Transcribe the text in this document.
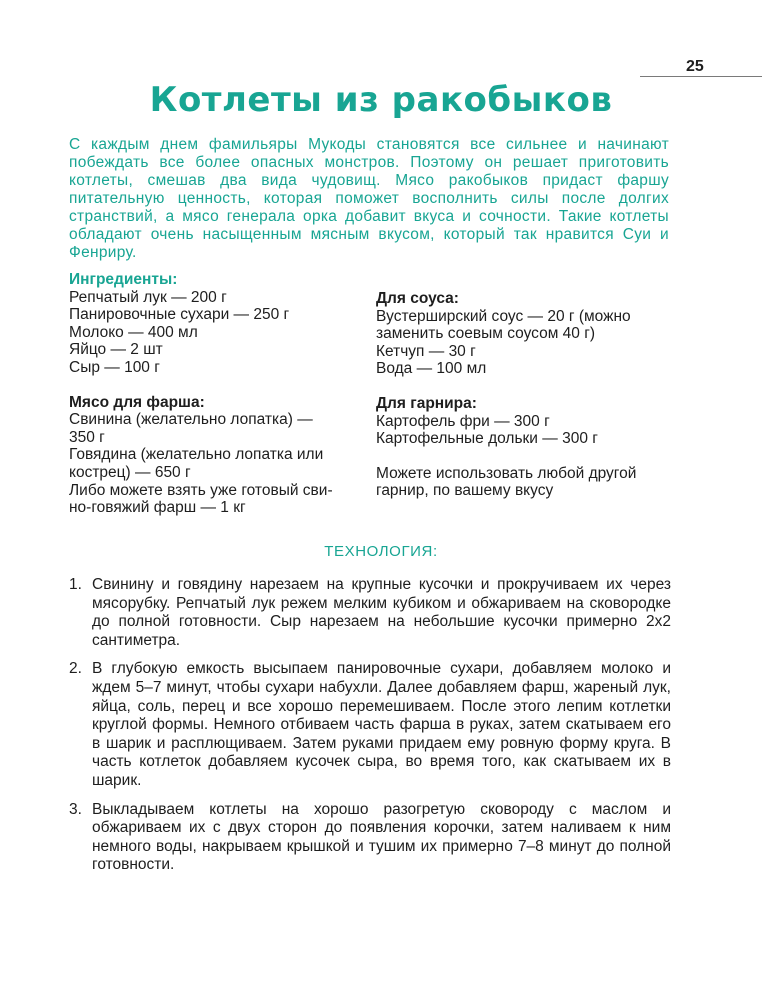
25
Котлеты из ракобыков

С каждым днем фамильяры Мукоды становятся все сильнее и начинают побеждать все более опасных монстров. Поэтому он решает приготовить котлеты, смешав два вида чудовищ. Мясо ракобыков придаст фаршу питательную ценность, которая поможет восполнить силы после долгих странствий, а мясо генерала орка добавит вкуса и сочности. Такие котлеты обладают очень насыщенным мясным вкусом, который так нравится Суи и Фенриру.

Ингредиенты:
Репчатый лук — 200 г
Панировочные сухари — 250 г
Молоко — 400 мл
Яйцо — 2 шт
Сыр — 100 г
Мясо для фарша:
Свинина (желательно лопатка) —
350 г
Говядина (желательно лопатка или
кострец) — 650 г
Либо можете взять уже готовый сви-
но-говяжий фарш — 1 кг
Для соуса:
Вустерширский соус — 20 г (можно
заменить соевым соусом 40 г)
Кетчуп — 30 г
Вода — 100 мл
Для гарнира:
Картофель фри — 300 г
Картофельные дольки — 300 г
Можете использовать любой другой
гарнир, по вашему вкусу
ТЕХНОЛОГИЯ:
1. Свинину и говядину нарезаем на крупные кусочки и прокручиваем их через мясорубку. Репчатый лук режем мелким кубиком и обжариваем на сковородке до полной готовности. Сыр нарезаем на небольшие кусочки примерно 2х2 сантиметра.
2. В глубокую емкость высыпаем панировочные сухари, добавляем молоко и ждем 5–7 минут, чтобы сухари набухли. Далее добавляем фарш, жареный лук, яйца, соль, перец и все хорошо перемешиваем. После этого лепим котлетки круглой формы. Немного отбиваем часть фарша в руках, затем скатываем его в шарик и расплющиваем. Затем руками придаем ему ровную форму круга. В часть котлеток добавляем кусочек сыра, во время того, как скатываем их в шарик.
3. Выкладываем котлеты на хорошо разогретую сковороду с маслом и обжариваем их с двух сторон до появления корочки, затем наливаем к ним немного воды, накрываем крышкой и тушим их примерно 7–8 минут до полной готовности.
